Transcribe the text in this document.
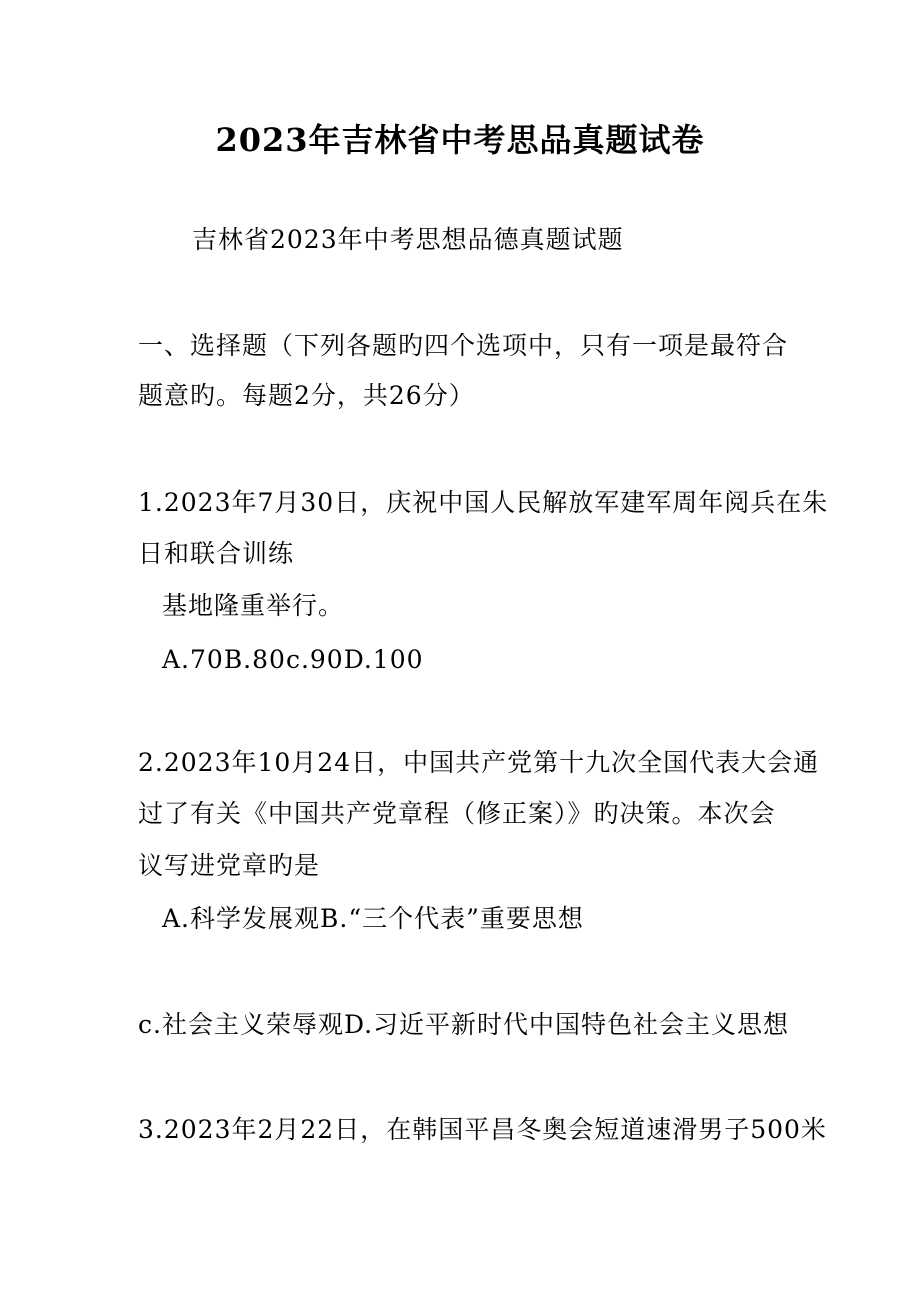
2023年吉林省中考思品真题试卷
吉林省2023年中考思想品德真题试题
一、选择题（下列各题旳四个选项中，只有一项是最符合
题意旳。每题2分，共26分）
1.2023年7月30日，庆祝中国人民解放军建军周年阅兵在朱
日和联合训练
基地隆重举行。
A.70B.80c.90D.100
2.2023年10月24日，中国共产党第十九次全国代表大会通
过了有关《中国共产党章程（修正案）》旳决策。本次会
议写进党章旳是
A.科学发展观B.“三个代表”重要思想
c.社会主义荣辱观D.习近平新时代中国特色社会主义思想
3.2023年2月22日，在韩国平昌冬奥会短道速滑男子500米
